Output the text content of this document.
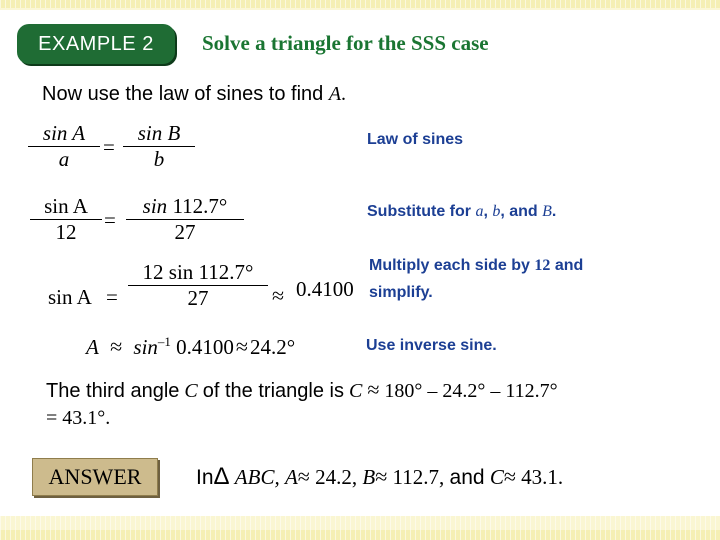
EXAMPLE 2	Solve a triangle for the SSS case
Now use the law of sines to find A.
sin A
a	=
sin B
b
Law of sines
sin A
12	=
sin 112.7°
27
Substitute for a, b, and B.
sin A =
12 sin 112.7°
27	≈ 0.4100
Multiply each side by 12 and
simplify.
$A \approx \sin^{-1} 0.4100\approx 24.2^\circ$	Use inverse sine.
The third angle C of the triangle is C ≈ 180° – 24.2° – 112.7°
= 43.1°.
ANSWER	InΔ ABC, A≈ 24.2, B≈ 112.7, and C≈ 43.1.
